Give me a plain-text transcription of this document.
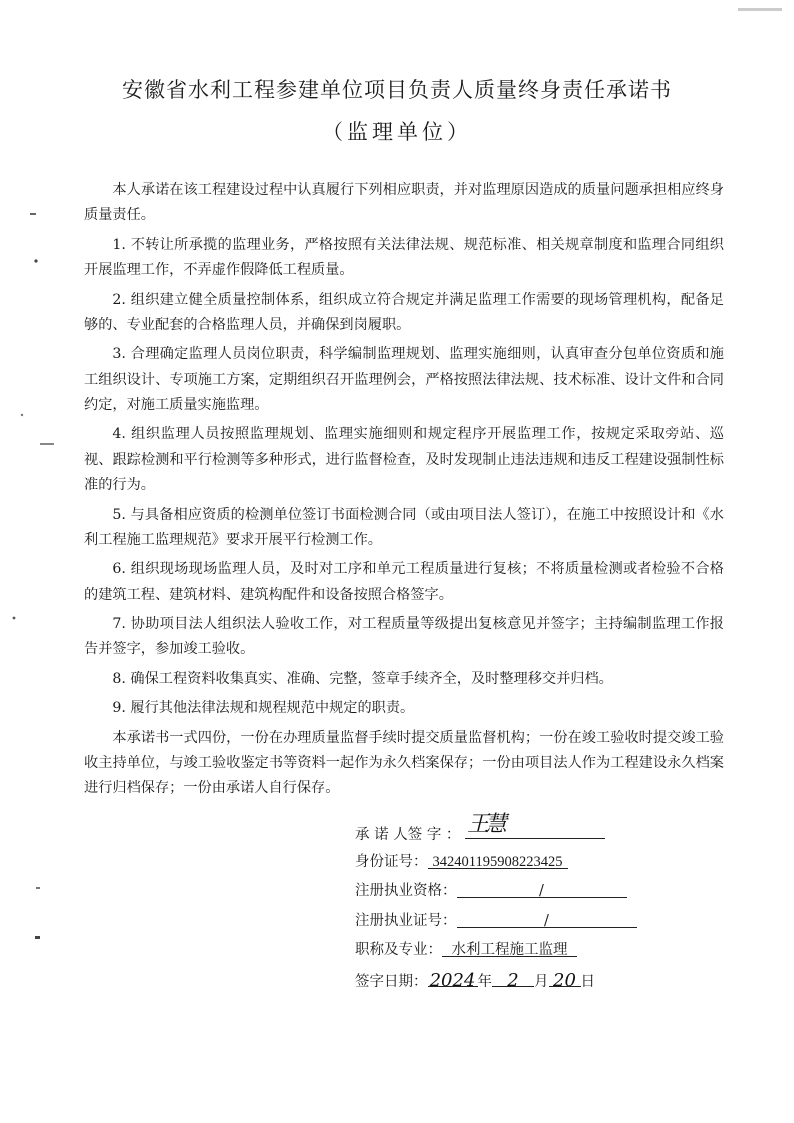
安徽省水利工程参建单位项目负责人质量终身责任承诺书
（监理单位）

本人承诺在该工程建设过程中认真履行下列相应职责，并对监理原因造成的质量问题承担相应终身质量责任。

1. 不转让所承揽的监理业务，严格按照有关法律法规、规范标准、相关规章制度和监理合同组织开展监理工作，不弄虚作假降低工程质量。

2. 组织建立健全质量控制体系，组织成立符合规定并满足监理工作需要的现场管理机构，配备足够的、专业配套的合格监理人员，并确保到岗履职。

3. 合理确定监理人员岗位职责，科学编制监理规划、监理实施细则，认真审查分包单位资质和施工组织设计、专项施工方案，定期组织召开监理例会，严格按照法律法规、技术标准、设计文件和合同约定，对施工质量实施监理。

4. 组织监理人员按照监理规划、监理实施细则和规定程序开展监理工作，按规定采取旁站、巡视、跟踪检测和平行检测等多种形式，进行监督检查，及时发现制止违法违规和违反工程建设强制性标准的行为。

5. 与具备相应资质的检测单位签订书面检测合同（或由项目法人签订），在施工中按照设计和《水利工程施工监理规范》要求开展平行检测工作。

6. 组织现场现场监理人员，及时对工序和单元工程质量进行复核；不将质量检测或者检验不合格的建筑工程、建筑材料、建筑构配件和设备按照合格签字。

7. 协助项目法人组织法人验收工作，对工程质量等级提出复核意见并签字；主持编制监理工作报告并签字，参加竣工验收。

8. 确保工程资料收集真实、准确、完整，签章手续齐全，及时整理移交并归档。

9. 履行其他法律法规和规程规范中规定的职责。

本承诺书一式四份，一份在办理质量监督手续时提交质量监督机构；一份在竣工验收时提交竣工验收主持单位，与竣工验收鉴定书等资料一起作为永久档案保存；一份由项目法人作为工程建设永久档案进行归档保存；一份由承诺人自行保存。

承 诺 人签 字 ： 王慧
身份证号： 342401195908223425
注册执业资格：	/
注册执业证号：	/
职称及专业： 水利工程施工监理
签字日期： 2024 年 2 月 20 日
